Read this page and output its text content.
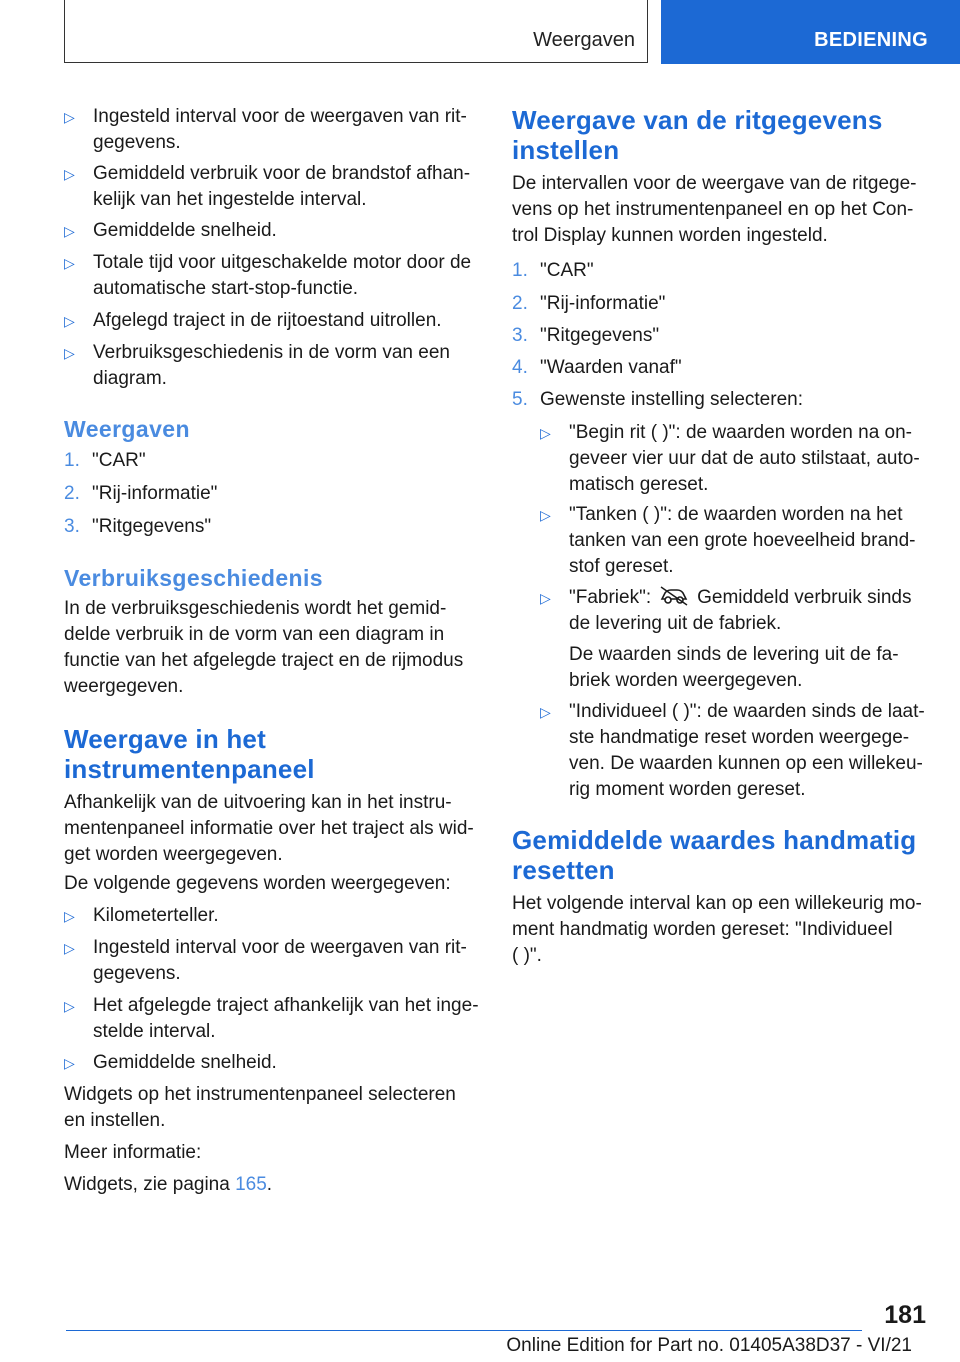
Weergaven	BEDIENING
▷ Ingesteld interval voor de weergaven van rit-
gegevens.
▷ Gemiddeld verbruik voor de brandstof afhan-
kelijk van het ingestelde interval.
▷ Gemiddelde snelheid.
▷ Totale tijd voor uitgeschakelde motor door de
automatische start-stop-functie.
▷ Afgelegd traject in de rijtoestand uitrollen.
▷ Verbruiksgeschiedenis in de vorm van een
diagram.
Weergaven
1. "CAR"
2. "Rij-informatie"
3. "Ritgegevens"
Verbruiksgeschiedenis

In de verbruiksgeschiedenis wordt het gemid-
delde verbruik in de vorm van een diagram in
functie van het afgelegde traject en de rijmodus
weergegeven.

Weergave in het
instrumentenpaneel

Afhankelijk van de uitvoering kan in het instru-
mentenpaneel informatie over het traject als wid-
get worden weergegeven.

De volgende gegevens worden weergegeven:

▷ Kilometerteller.
▷ Ingesteld interval voor de weergaven van rit-
gegevens.
▷ Het afgelegde traject afhankelijk van het inge-
stelde interval.
▷ Gemiddelde snelheid.

Widgets op het instrumentenpaneel selecteren
en instellen.

Meer informatie:

Widgets, zie pagina 165.

Weergave van de ritgegevens
instellen

De intervallen voor de weergave van de ritgege-
vens op het instrumentenpaneel en op het Con-
trol Display kunnen worden ingesteld.

1. "CAR"
2. "Rij-informatie"
3. "Ritgegevens"
4. "Waarden vanaf"
5. Gewenste instelling selecteren:
▷ "Begin rit ( )": de waarden worden na on-
geveer vier uur dat de auto stilstaat, auto-
matisch gereset.
▷ "Tanken ( )": de waarden worden na het
tanken van een grote hoeveelheid brand-
stof gereset.
▷ "Fabriek": Gemiddeld verbruik sinds
de levering uit de fabriek.

De waarden sinds de levering uit de fa-
briek worden weergegeven.

▷ "Individueel ( )": de waarden sinds de laat-
ste handmatige reset worden weergege-
ven. De waarden kunnen op een willekeu-
rig moment worden gereset.
Gemiddelde waardes handmatig
resetten

Het volgende interval kan op een willekeurig mo-
ment handmatig worden gereset: "Individueel
( )".

181
Online Edition for Part no. 01405A38D37 - VI/21
